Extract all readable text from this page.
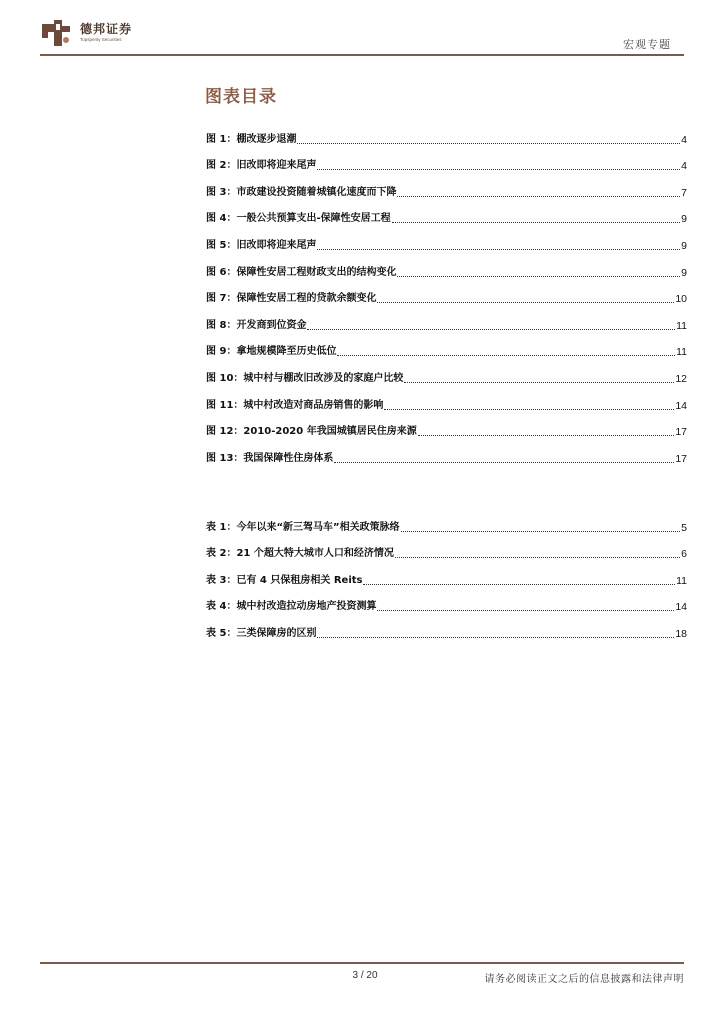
德邦证券
Topsperity Securities	宏观专题
图表目录
图 1：棚改逐步退潮	4
图 2：旧改即将迎来尾声	4
图 3：市政建设投资随着城镇化速度而下降	7
图 4：一般公共预算支出-保障性安居工程	9
图 5：旧改即将迎来尾声	9
图 6：保障性安居工程财政支出的结构变化	9
图 7：保障性安居工程的贷款余额变化	10
图 8：开发商到位资金	11
图 9：拿地规模降至历史低位	11
图 10：城中村与棚改旧改涉及的家庭户比较	12
图 11：城中村改造对商品房销售的影响	14
图 12：2010-2020 年我国城镇居民住房来源	17
图 13：我国保障性住房体系	17
表 1：今年以来“新三驾马车”相关政策脉络	5
表 2：21 个超大特大城市人口和经济情况	6
表 3：已有 4 只保租房相关 Reits	11
表 4：城中村改造拉动房地产投资测算	14
表 5：三类保障房的区别	18
3 / 20	请务必阅读正文之后的信息披露和法律声明
